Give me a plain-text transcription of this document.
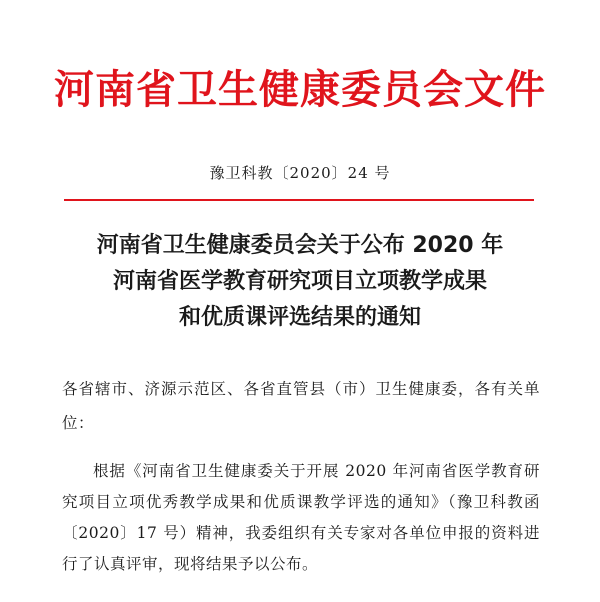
河南省卫生健康委员会文件
豫卫科教〔2020〕24 号
河南省卫生健康委员会关于公布 2020 年
河南省医学教育研究项目立项教学成果
和优质课评选结果的通知
各省辖市、济源示范区、各省直管县（市）卫生健康委，各有关单位：
根据《河南省卫生健康委关于开展 2020 年河南省医学教育研究项目立项优秀教学成果和优质课教学评选的通知》（豫卫科教函〔2020〕17 号）精神，我委组织有关专家对各单位申报的资料进行了认真评审，现将结果予以公布。
